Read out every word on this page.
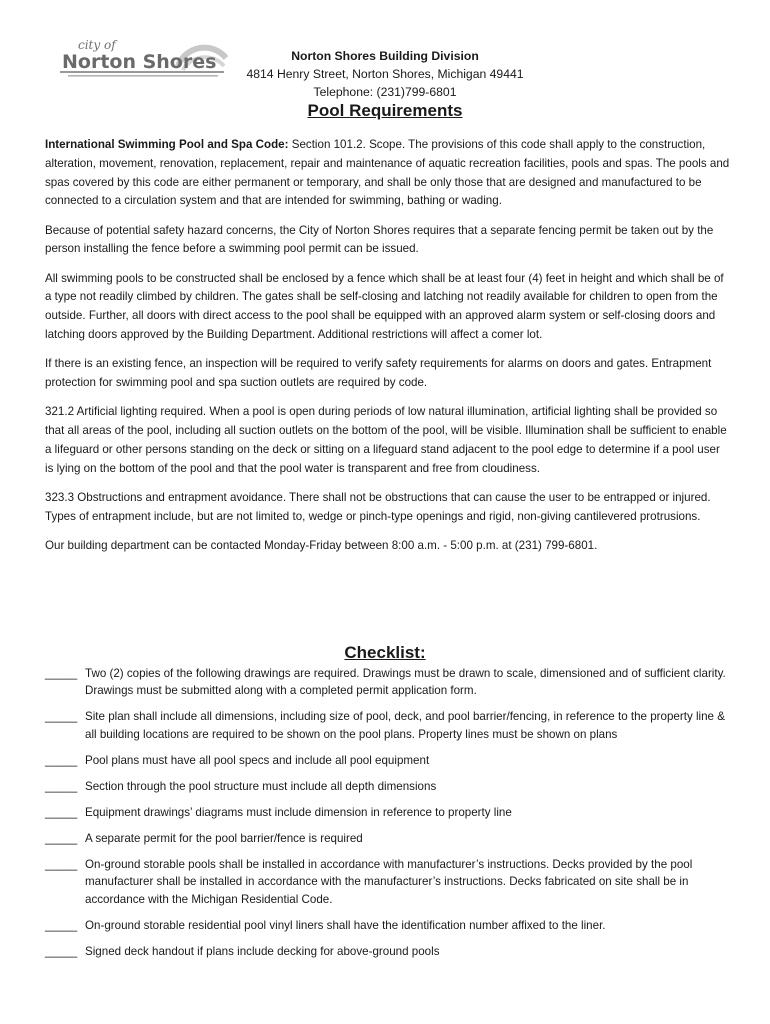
city of
Norton Shores	Norton Shores Building Division
4814 Henry Street, Norton Shores, Michigan 49441
Telephone: (231)799-6801
Pool Requirements

International Swimming Pool and Spa Code: Section 101.2. Scope. The provisions of this code shall apply to the construction, alteration, movement, renovation, replacement, repair and maintenance of aquatic recreation facilities, pools and spas. The pools and spas covered by this code are either permanent or temporary, and shall be only those that are designed and manufactured to be connected to a circulation system and that are intended for swimming, bathing or wading.

Because of potential safety hazard concerns, the City of Norton Shores requires that a separate fencing permit be taken out by the person installing the fence before a swimming pool permit can be issued.

All swimming pools to be constructed shall be enclosed by a fence which shall be at least four (4) feet in height and which shall be of a type not readily climbed by children. The gates shall be self-closing and latching not readily available for children to open from the outside. Further, all doors with direct access to the pool shall be equipped with an approved alarm system or self-closing doors and latching doors approved by the Building Department. Additional restrictions will affect a comer lot.

If there is an existing fence, an inspection will be required to verify safety requirements for alarms on doors and gates. Entrapment protection for swimming pool and spa suction outlets are required by code.

321.2 Artificial lighting required. When a pool is open during periods of low natural illumination, artificial lighting shall be provided so that all areas of the pool, including all suction outlets on the bottom of the pool, will be visible. Illumination shall be sufficient to enable a lifeguard or other persons standing on the deck or sitting on a lifeguard stand adjacent to the pool edge to determine if a pool user is lying on the bottom of the pool and that the pool water is transparent and free from cloudiness.

323.3 Obstructions and entrapment avoidance. There shall not be obstructions that can cause the user to be entrapped or injured. Types of entrapment include, but are not limited to, wedge or pinch-type openings and rigid, non-giving cantilevered protrusions.

Our building department can be contacted Monday-Friday between 8:00 a.m. - 5:00 p.m. at (231) 799-6801.

Checklist:
_____ Two (2) copies of the following drawings are required. Drawings must be drawn to scale, dimensioned and of sufficient clarity. Drawings must be submitted along with a completed permit application form.
_____ Site plan shall include all dimensions, including size of pool, deck, and pool barrier/fencing, in reference to the property line & all building locations are required to be shown on the pool plans. Property lines must be shown on plans
_____ Pool plans must have all pool specs and include all pool equipment
_____ Section through the pool structure must include all depth dimensions
_____ Equipment drawings’ diagrams must include dimension in reference to property line
_____ A separate permit for the pool barrier/fence is required
_____ On-ground storable pools shall be installed in accordance with manufacturer’s instructions. Decks provided by the pool manufacturer shall be installed in accordance with the manufacturer’s instructions. Decks fabricated on site shall be in accordance with the Michigan Residential Code.
_____ On-ground storable residential pool vinyl liners shall have the identification number affixed to the liner.
_____ Signed deck handout if plans include decking for above-ground pools
